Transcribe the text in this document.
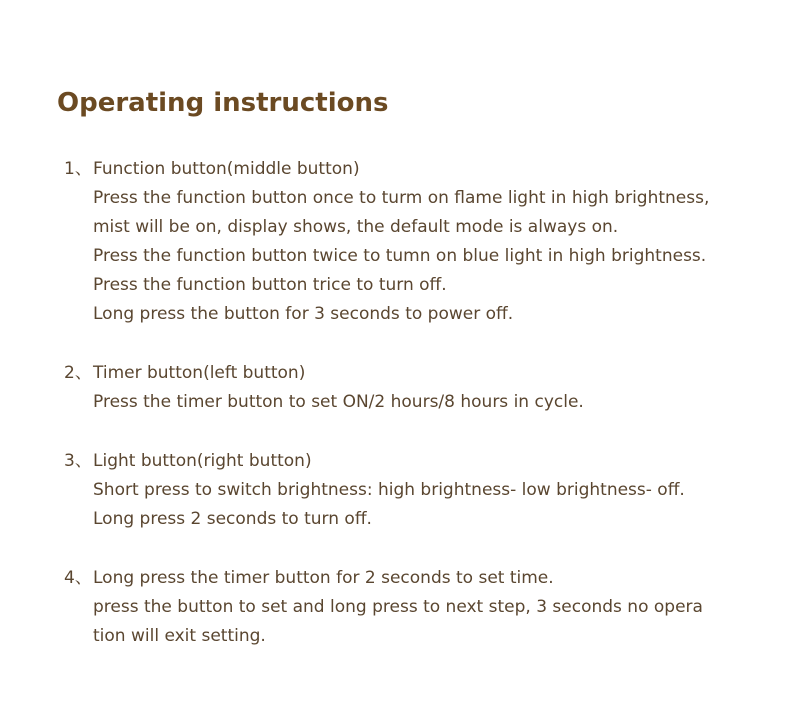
Operating instructions
1、 Function button(middle button)
Press the function button once to turm on flame light in high brightness,
mist will be on, display shows, the default mode is always on.
Press the function button twice to tumn on blue light in high brightness.
Press the function button trice to turn off.
Long press the button for 3 seconds to power off.
2、 Timer button(left button)
Press the timer button to set ON/2 hours/8 hours in cycle.
3、 Light button(right button)
Short press to switch brightness: high brightness- low brightness- off.
Long press 2 seconds to turn off.
4、 Long press the timer button for 2 seconds to set time.
press the button to set and long press to next step, 3 seconds no opera
tion will exit setting.
